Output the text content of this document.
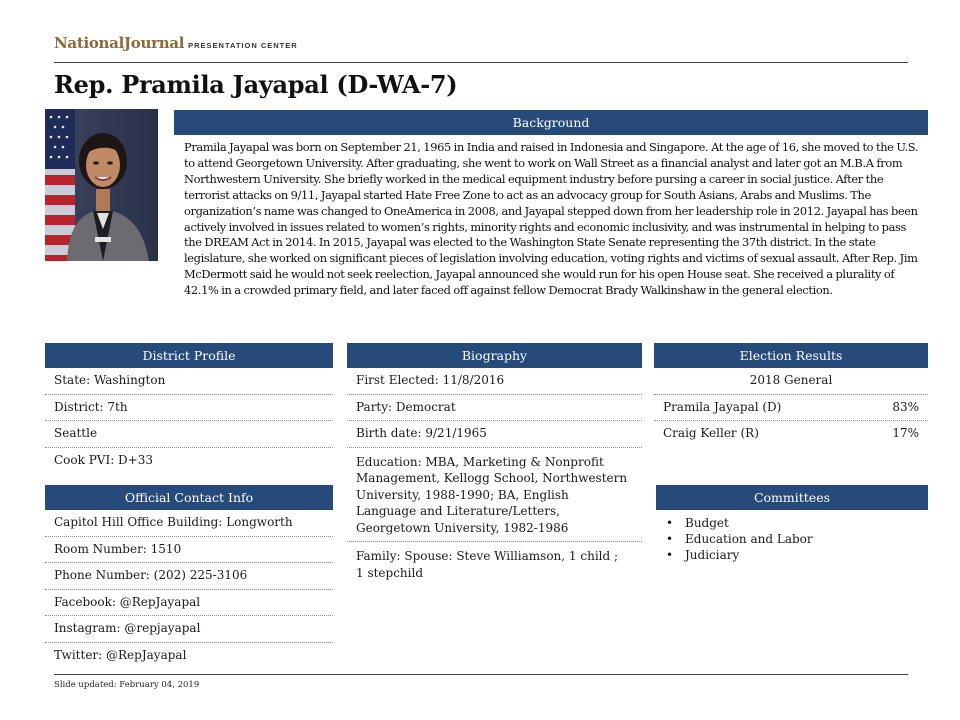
NationalJournal PRESENTATION CENTER
Rep. Pramila Jayapal (D-WA-7)
Background
Pramila Jayapal was born on September 21, 1965 in India and raised in Indonesia and Singapore. At the age of 16, she moved to the U.S. to attend Georgetown University. After graduating, she went to work on Wall Street as a financial analyst and later got an M.B.A from Northwestern University. She briefly worked in the medical equipment industry before pursing a career in social justice. After the terrorist attacks on 9/11, Jayapal started Hate Free Zone to act as an advocacy group for South Asians, Arabs and Muslims. The organization’s name was changed to OneAmerica in 2008, and Jayapal stepped down from her leadership role in 2012. Jayapal has been actively involved in issues related to women’s rights, minority rights and economic inclusivity, and was instrumental in helping to pass the DREAM Act in 2014. In 2015, Jayapal was elected to the Washington State Senate representing the 37th district. In the state legislature, she worked on significant pieces of legislation involving education, voting rights and victims of sexual assault. After Rep. Jim McDermott said he would not seek reelection, Jayapal announced she would run for his open House seat. She received a plurality of 42.1% in a crowded primary field, and later faced off against fellow Democrat Brady Walkinshaw in the general election.
District Profile
State: Washington
District: 7th
Seattle
Cook PVI: D+33
Official Contact Info
Capitol Hill Office Building: Longworth
Room Number: 1510
Phone Number: (202) 225-3106
Facebook: @RepJayapal
Instagram: @repjayapal
Twitter: @RepJayapal
Biography
First Elected: 11/8/2016
Party: Democrat
Birth date: 9/21/1965
Education: MBA, Marketing & Nonprofit Management, Kellogg School, Northwestern University, 1988-1990; BA, English Language and Literature/Letters, Georgetown University, 1982-1986
Family: Spouse: Steve Williamson, 1 child ; 1 stepchild
Election Results
2018 General
Pramila Jayapal (D)	83%
Craig Keller (R)	17%
Committees
• Budget
• Education and Labor
• Judiciary
Slide updated: February 04, 2019
